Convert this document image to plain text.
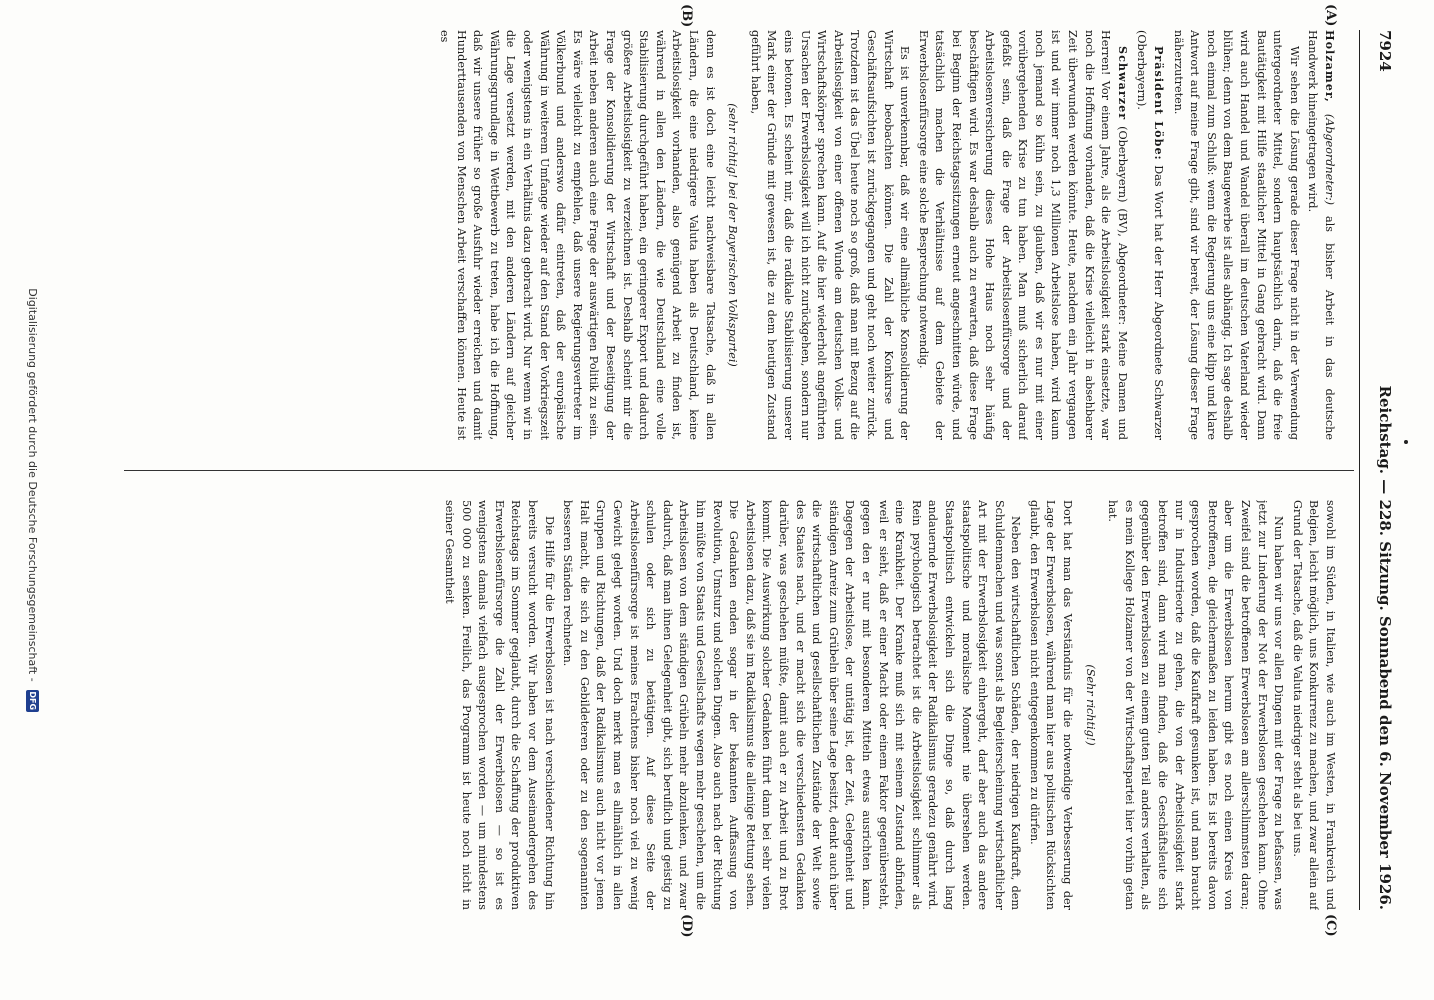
7924
Reichstag. — 228. Sitzung. Sonnabend den 6. November 1926.
(A)
(B)
(C)
(D)

Holzamer, (Abgeordneter:) als bisher Arbeit in das deutsche Handwerk hineingetragen wird.

Wir sehen die Lösung gerade dieser Frage nicht in der Verwendung untergeordneter Mittel, sondern hauptsächlich darin, daß die freie Bautätigkeit mit Hilfe staatlicher Mittel in Gang gebracht wird. Dann wird auch Handel und Wandel überall im deutschen Vaterland wieder blühen; denn von dem Baugewerbe ist alles abhängig. Ich sage deshalb noch einmal zum Schluß: wenn die Regierung uns eine klipp und klare Antwort auf meine Frage gibt, sind wir bereit, der Lösung dieser Frage näherzutreten.

Präsident Löbe: Das Wort hat der Herr Abgeordnete Schwarzer (Oberbayern).

Schwarzer (Oberbayern) (BV), Abgeordneter: Meine Damen und Herren! Vor einem Jahre, als die Arbeitslosigkeit stark einsetzte, war noch die Hoffnung vorhanden, daß die Krise vielleicht in absehbarer Zeit überwunden werden könnte. Heute, nachdem ein Jahr vergangen ist und wir immer noch 1,3 Millionen Arbeitslose haben, wird kaum noch jemand so kühn sein, zu glauben, daß wir es nur mit einer vorübergehenden Krise zu tun haben. Man muß sicherlich darauf gefaßt sein, daß die Frage der Arbeitslosenfürsorge und der Arbeitslosenversicherung dieses Hohe Haus noch sehr häufig beschäftigen wird. Es war deshalb auch zu erwarten, daß diese Frage bei Beginn der Reichstagssitzungen erneut angeschnitten würde, und tatsächlich machen die Verhältnisse auf dem Gebiete der Erwerbslosenfürsorge eine solche Besprechung notwendig.

Es ist unverkennbar, daß wir eine allmähliche Konsolidierung der Wirtschaft beobachten können. Die Zahl der Konkurse und Geschäftsaufsichten ist zurückgegangen und geht noch weiter zurück. Trotzdem ist das Übel heute noch so groß, daß man mit Bezug auf die Arbeitslosigkeit von einer offenen Wunde am deutschen Volks- und Wirtschaftskörper sprechen kann. Auf die hier wiederholt angeführten Ursachen der Erwerbslosigkeit will ich nicht zurückgehen, sondern nur eins betonen. Es scheint mir, daß die radikale Stabilisierung unserer Mark einer der Gründe mit gewesen ist, die zu dem heutigen Zustand geführt haben,

(sehr richtig! bei der Bayerischen Volkspartei)

denn es ist doch eine leicht nachweisbare Tatsache, daß in allen Ländern, die eine niedrigere Valuta haben als Deutschland, keine Arbeitslosigkeit vorhanden, also genügend Arbeit zu finden ist, während in allen den Ländern, die wie Deutschland eine volle Stabilisierung durchgeführt haben, ein geringerer Export und dadurch größere Arbeitslosigkeit zu verzeichnen ist. Deshalb scheint mir die Frage der Konsolidierung der Wirtschaft und der Beseitigung der Arbeit neben anderen auch eine Frage der auswärtigen Politik zu sein. Es wäre vielleicht zu empfehlen, daß unsere Regierungsvertreter im Völkerbund und anderswo dafür eintreten, daß der europäische Währung in weiterem Umfange wieder auf den Stand der Vorkriegszeit oder wenigstens in ein Verhältnis dazu gebracht wird. Nur wenn wir in die Lage versetzt werden, mit den anderen Ländern auf gleicher Währungsgrundlage in Wettbewerb zu treten, habe ich die Hoffnung, daß wir unsere früher so große Ausfuhr wieder erreichen und damit Hunderttausenden von Menschen Arbeit verschaffen können. Heute ist es

sowohl im Süden, in Italien, wie auch im Westen, in Frankreich und Belgien, leicht möglich, uns Konkurrenz zu machen, und zwar allein auf Grund der Tatsache, daß die Valuta niedriger steht als bei uns.

Nun haben wir uns vor allen Dingen mit der Frage zu befassen, was jetzt zur Linderung der Not der Erwerbslosen geschehen kann. Ohne Zweifel sind die betroffenen Erwerbslosen am allerschlimmsten daran; aber um die Erwerbslosen herum gibt es noch einen Kreis von Betroffenen, die gleichermaßen zu leiden haben. Es ist bereits davon gesprochen worden, daß die Kaufkraft gesunken ist, und man braucht nur in Industrieorte zu gehen, die von der Arbeitslosigkeit stark betroffen sind, dann wird man finden, daß die Geschäftsleute sich gegenüber den Erwerbslosen zu einem guten Teil anders verhalten, als es mein Kollege Holzamer von der Wirtschaftspartei hier vorhin getan hat.

(Sehr richtig!)

Dort hat man das Verständnis für die notwendige Verbesserung der Lage der Erwerbslosen, während man hier aus politischen Rücksichten glaubt, den Erwerbslosen nicht entgegenkommen zu dürfen.

Neben den wirtschaftlichen Schäden, der niedrigen Kaufkraft, dem Schuldenmachen und was sonst als Begleiterscheinung wirtschaftlicher Art mit der Erwerbslosigkeit einhergeht, darf aber auch das andere staatspolitische und moralische Moment nie übersehen werden. Staatspolitisch entwickeln sich die Dinge so, daß durch lang andauernde Erwerbslosigkeit der Radikalismus geradezu genährt wird. Rein psychologisch betrachtet ist die Arbeitslosigkeit schlimmer als eine Krankheit. Der Kranke muß sich mit seinem Zustand abfinden, weil er sieht, daß er einer Macht oder einem Faktor gegenübersteht, gegen den er nur mit besonderen Mitteln etwas ausrichten kann. Dagegen der Arbeitslose, der untätig ist, der Zeit, Gelegenheit und ständigen Anreiz zum Grübeln über seine Lage besitzt, denkt auch über die wirtschaftlichen und gesellschaftlichen Zustände der Welt sowie des Staates nach, und er macht sich die verschiedensten Gedanken darüber, was geschehen müßte, damit auch er zu Arbeit und zu Brot kommt. Die Auswirkung solcher Gedanken führt dann bei sehr vielen Arbeitslosen dazu, daß sie im Radikalismus die alleinige Rettung sehen. Die Gedanken enden sogar in der bekannten Auffassung von Revolution, Umsturz und solchen Dingen. Also auch nach der Richtung hin müßte von Staats und Gesellschafts wegen mehr geschehen, um die Arbeitslosen von dem ständigen Grübeln mehr abzulenken, und zwar dadurch, daß man ihnen Gelegenheit gibt, sich beruflich und geistig zu schulen oder sich zu betätigen. Auf diese Seite der Arbeitslosenfürsorge ist meines Erachtens bisher noch viel zu wenig Gewicht gelegt worden. Und doch merkt man es allmählich in allen Gruppen und Richtungen, daß der Radikalismus auch nicht vor jenen Halt macht, die sich zu den Gebildeteren oder zu den sogenannten besseren Ständen rechneten.

Die Hilfe für die Erwerbslosen ist nach verschiedener Richtung hin bereits versucht worden. Wir haben vor dem Auseinandergehen des Reichstags im Sommer geglaubt, durch die Schaffung der produktiven Erwerbslosenfürsorge die Zahl der Erwerbslosen — so ist es wenigstens damals vielfach ausgesprochen worden — um mindestens 500 000 zu senken. Freilich, das Programm ist heute noch nicht in seiner Gesamtheit

Digitalisierung gefördert durch die Deutsche Forschungsgemeinschaft -
DFG
